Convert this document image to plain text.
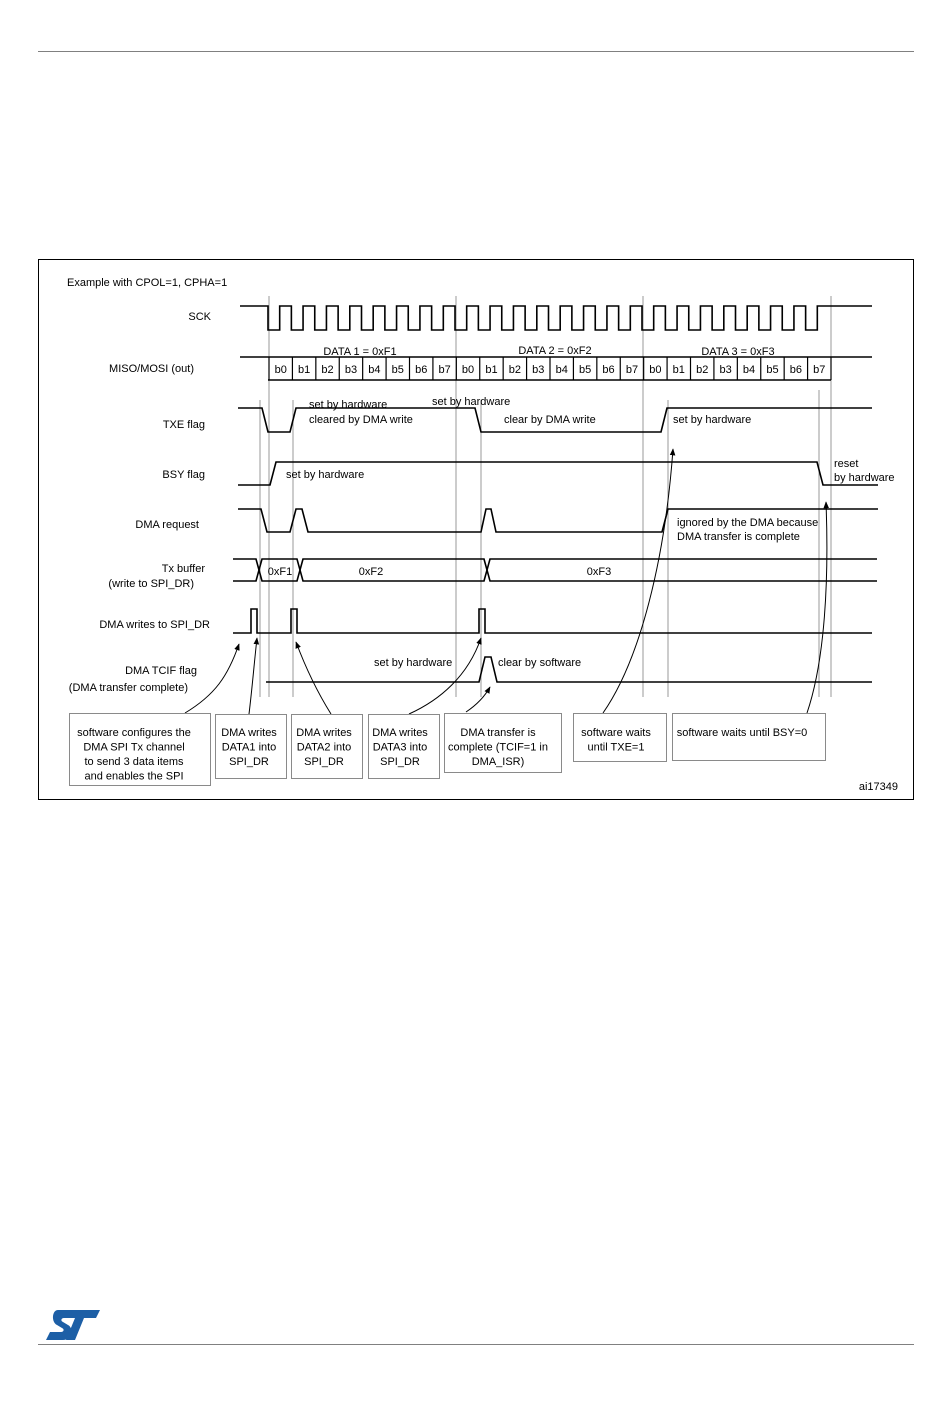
b0 b1 b2 b3 b4 b5 b6 b7 b0 b1 b2 b3 b4 b5 b6 b7 b0 b1 b2 b3 b4 b5 b6 b7
software configures the
DMA SPI Tx channel
to send 3 data items
and enables the SPI
DMA writes
DATA1 into
SPI_DR
DMA writes
DATA2 into
SPI_DR
DMA writes
DATA3 into
SPI_DR
DMA transfer is
complete (TCIF=1 in
DMA_ISR)
software waits
until TXE=1
software waits until BSY=0
Example with CPOL=1, CPHA=1
SCK
MISO/MOSI (out)
TXE flag
BSY flag
DMA request
Tx buffer
(write to SPI_DR)
DMA writes to SPI_DR
DMA TCIF flag
(DMA transfer complete)
DATA 1 = 0xF1	DATA 2 = 0xF2	DATA 3 = 0xF3
0xF1	0xF2	0xF3
set by hardware
cleared by DMA write
set by hardware
clear by DMA write	set by hardware
set by hardware
reset
by hardware
ignored by the DMA because
DMA transfer is complete
set by hardware	clear by software
ai17349
